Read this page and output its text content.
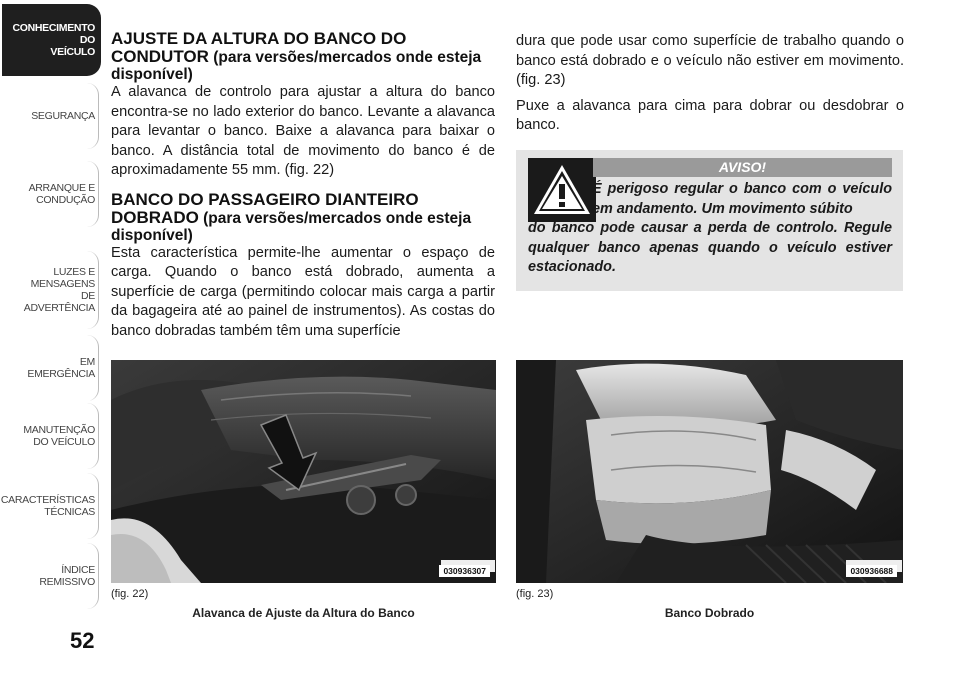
CONHECIMENTO
DO
VEÍCULO
SEGURANÇA
ARRANQUE E
CONDUÇÃO
LUZES E
MENSAGENS
DE
ADVERTÊNCIA
EM
EMERGÊNCIA
MANUTENÇÃO
DO VEÍCULO
CARACTERÍSTICAS
TÉCNICAS
ÍNDICE
REMISSIVO
52
AJUSTE DA ALTURA DO BANCO DO CONDUTOR (para versões/mercados onde esteja disponível)

A alavanca de controlo para ajustar a altura do banco encontra-se no lado exterior do banco. Levante a alavanca para levantar o banco. Baixe a alavanca para baixar o banco. A distância total de movimento do banco é de aproximadamente 55 mm. (fig. 22)

BANCO DO PASSAGEIRO DIANTEIRO DOBRADO (para versões/mercados onde esteja disponível)

Esta característica permite-lhe aumentar o espaço de carga. Quando o banco está dobrado, aumenta a superfície de carga (permitindo colocar mais carga a partir da bagageira até ao painel de instrumentos). As costas do banco dobradas também têm uma superfície

dura que pode usar como superfície de trabalho quando o banco está dobrado e o veículo não estiver em movimento. (fig. 23)

Puxe a alavanca para cima para dobrar ou desdobrar o banco.

AVISO!
É perigoso regular o banco com o veículo em andamento. Um movimento súbito
do banco pode causar a perda de controlo. Regule qualquer banco apenas quando o veículo estiver estacionado.
030936307
(fig. 22)
Alavanca de Ajuste da Altura do Banco
030936688
(fig. 23)
Banco Dobrado
